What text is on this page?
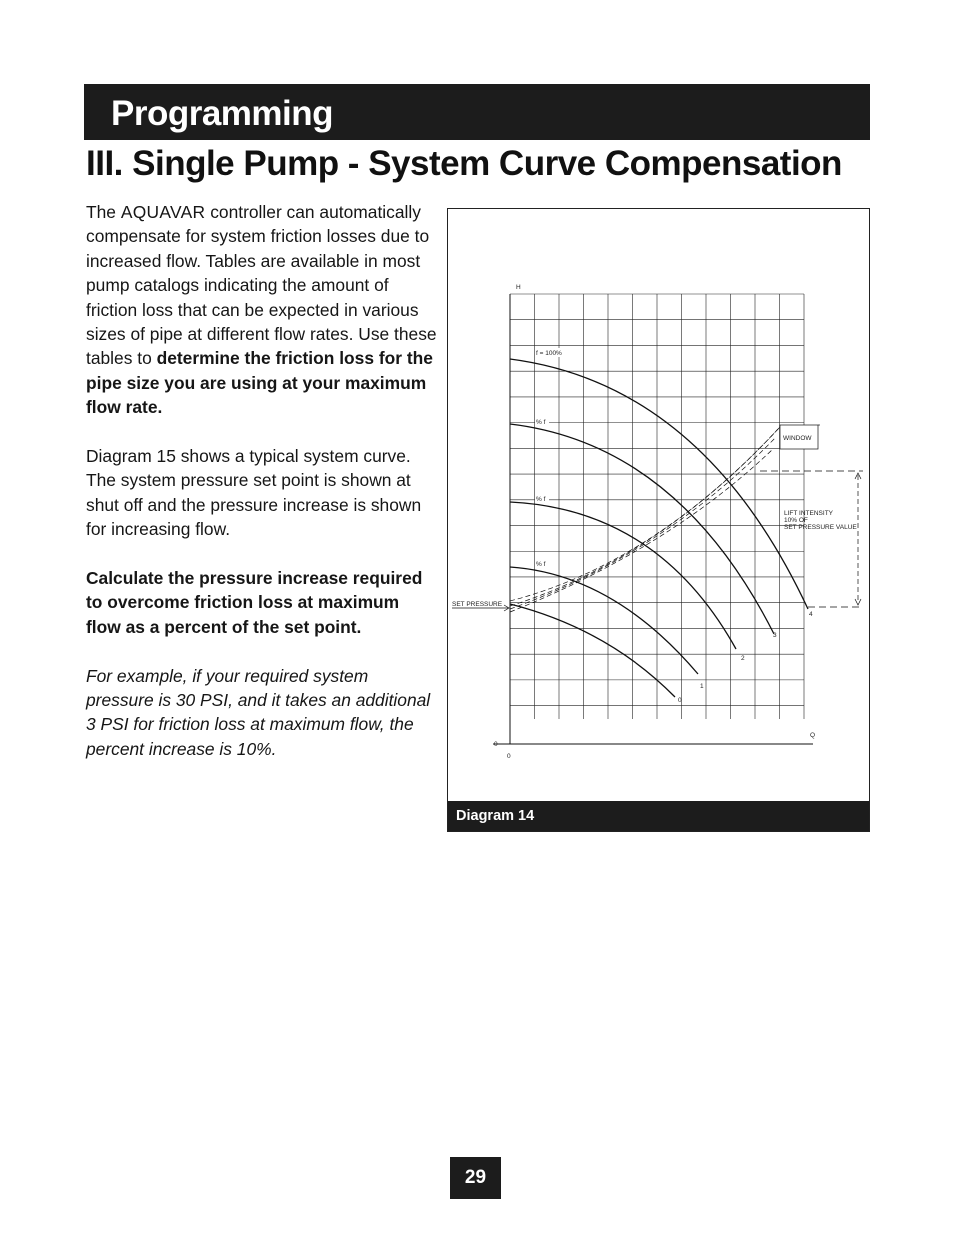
Programming
III. Single Pump - System Curve Compensation

The AQUAVAR controller can automatically compensate for system friction losses due to increased flow. Tables are available in most pump catalogs indicating the amount of friction loss that can be expected in various sizes of pipe at different flow rates. Use these tables to determine the friction loss for the pipe size you are using at your maximum flow rate.

Diagram 15 shows a typical system curve. The system pressure set point is shown at shut off and the pressure increase is shown for increasing flow.

Calculate the pressure increase required to overcome friction loss at maximum flow as a percent of the set point.

For example, if your required system pressure is 30 PSI, and it takes an additional 3 PSI for friction loss at maximum flow, the percent increase is 10%.

H
Q
0
0
SET PRESSURE
WINDOW
LIFT INTENSITY
10% OF
SET PRESSURE VALUE
f = 100%
% f
% f
% f
0
1
2
3
4
Diagram 14
29
